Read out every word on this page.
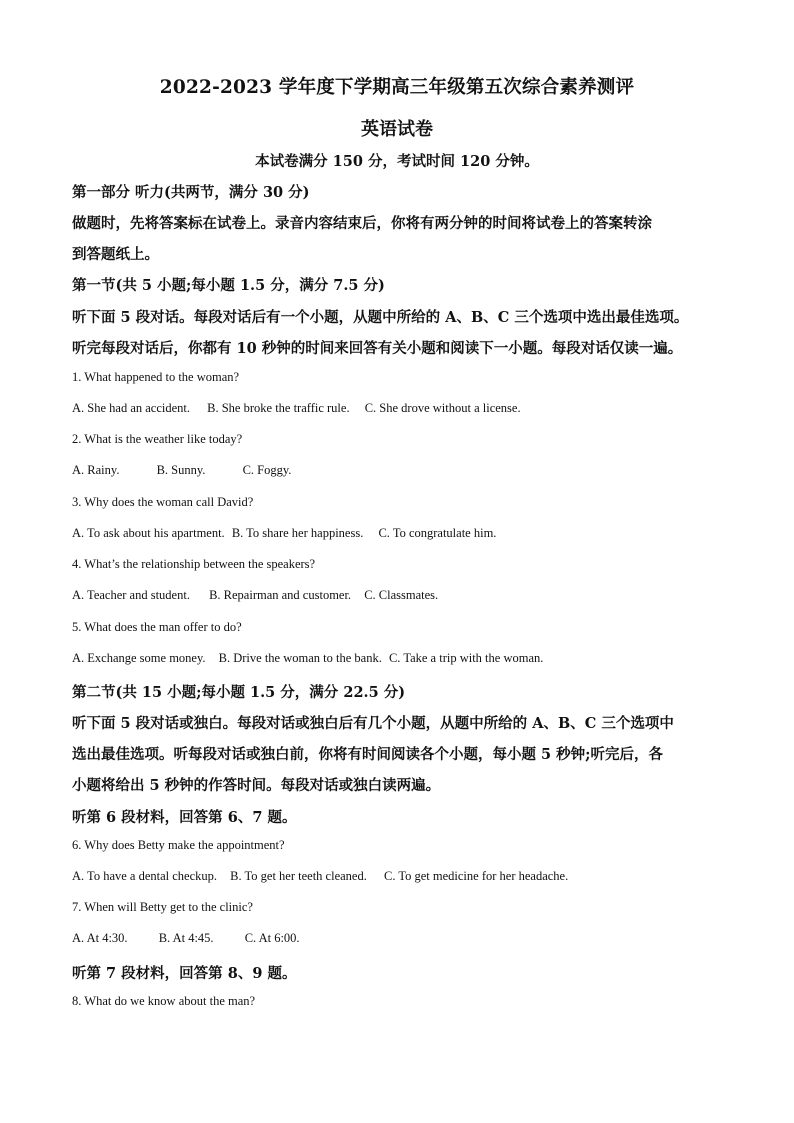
2022-2023 学年度下学期高三年级第五次综合素养测评
英语试卷
本试卷满分 150 分，考试时间 120 分钟。
第一部分 听力(共两节，满分 30 分)
做题时，先将答案标在试卷上。录音内容结束后，你将有两分钟的时间将试卷上的答案转涂
到答题纸上。
第一节(共 5 小题;每小题 1.5 分，满分 7.5 分)
听下面 5 段对话。每段对话后有一个小题，从题中所给的 A、B、C 三个选项中选出最佳选项。
听完每段对话后，你都有 10 秒钟的时间来回答有关小题和阅读下一小题。每段对话仅读一遍。
1. What happened to the woman?
A. She had an accident. B. She broke the traffic rule. C. She drove without a license.
2. What is the weather like today?
A. Rainy.	B. Sunny.	C. Foggy.
3. Why does the woman call David?
A. To ask about his apartment. B. To share her happiness. C. To congratulate him.
4. What’s the relationship between the speakers?
A. Teacher and student. B. Repairman and customer. C. Classmates.
5. What does the man offer to do?
A. Exchange some money. B. Drive the woman to the bank. C. Take a trip with the woman.
第二节(共 15 小题;每小题 1.5 分，满分 22.5 分)
听下面 5 段对话或独白。每段对话或独白后有几个小题，从题中所给的 A、B、C 三个选项中
选出最佳选项。听每段对话或独白前，你将有时间阅读各个小题，每小题 5 秒钟;听完后，各
小题将给出 5 秒钟的作答时间。每段对话或独白读两遍。
听第 6 段材料，回答第 6、7 题。
6. Why does Betty make the appointment?
A. To have a dental checkup. B. To get her teeth cleaned. C. To get medicine for her headache.
7. When will Betty get to the clinic?
A. At 4:30. B. At 4:45. C. At 6:00.
听第 7 段材料，回答第 8、9 题。
8. What do we know about the man?
